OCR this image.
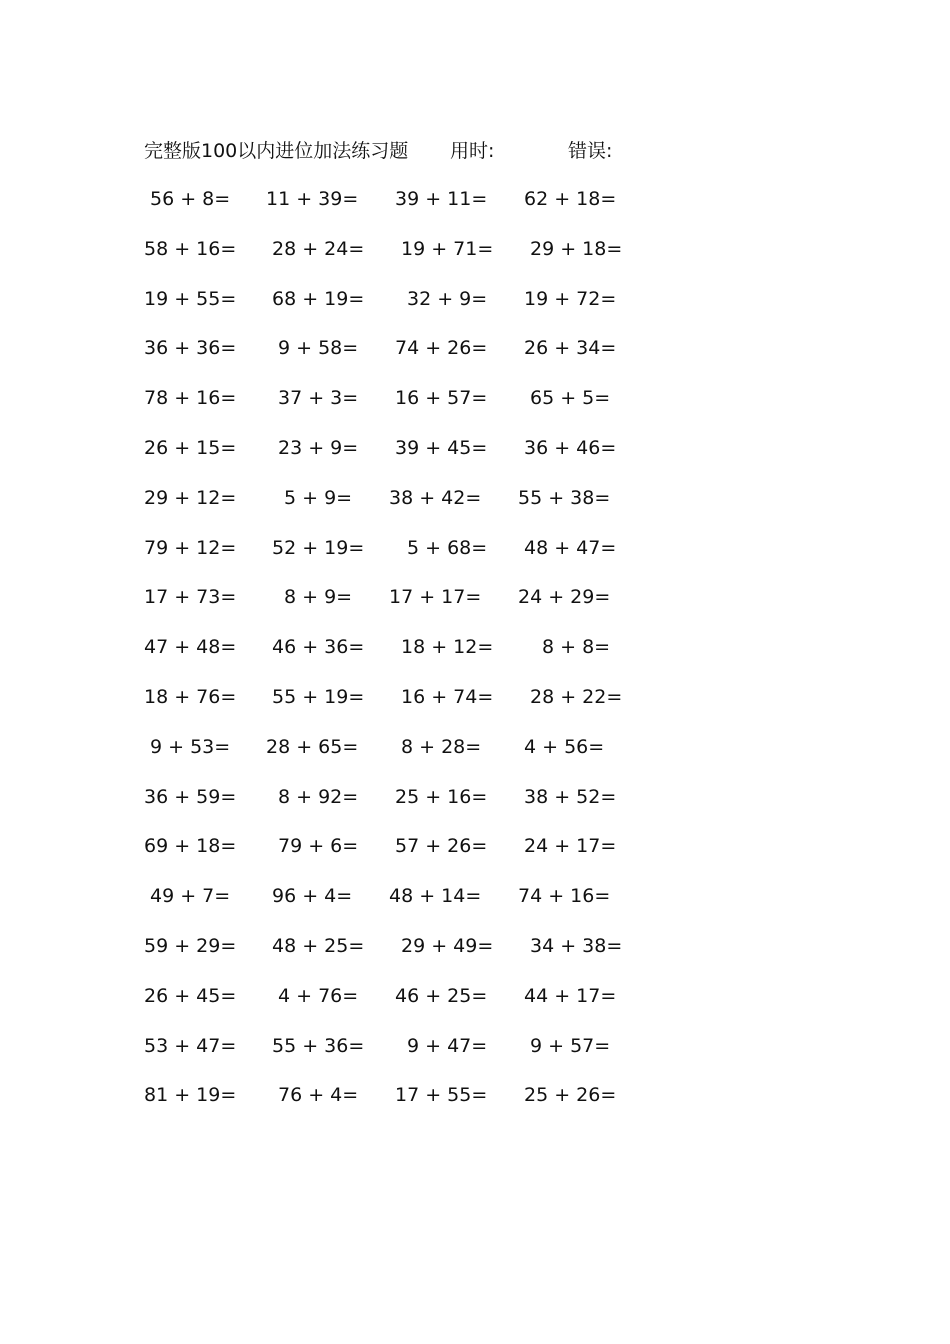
完整版100以内进位加法练习题 用时:	错误:
56 + 8= 11 + 39= 39 + 11= 62 + 18=
58 + 16= 28 + 24= 19 + 71= 29 + 18=
19 + 55= 68 + 19= 32 + 9= 19 + 72=
36 + 36= 9 + 58= 74 + 26= 26 + 34=
78 + 16= 37 + 3= 16 + 57= 65 + 5=
26 + 15= 23 + 9= 39 + 45= 36 + 46=
29 + 12=	5 + 9= 38 + 42= 55 + 38=
79 + 12= 52 + 19= 5 + 68= 48 + 47=
17 + 73=	8 + 9= 17 + 17= 24 + 29=
47 + 48= 46 + 36= 18 + 12=	8 + 8=
18 + 76= 55 + 19= 16 + 74= 28 + 22=
9 + 53= 28 + 65= 8 + 28= 4 + 56=
36 + 59= 8 + 92= 25 + 16= 38 + 52=
69 + 18= 79 + 6= 57 + 26= 24 + 17=
49 + 7= 96 + 4= 48 + 14= 74 + 16=
59 + 29= 48 + 25= 29 + 49= 34 + 38=
26 + 45= 4 + 76= 46 + 25= 44 + 17=
53 + 47= 55 + 36= 9 + 47= 9 + 57=
81 + 19= 76 + 4= 17 + 55= 25 + 26=
